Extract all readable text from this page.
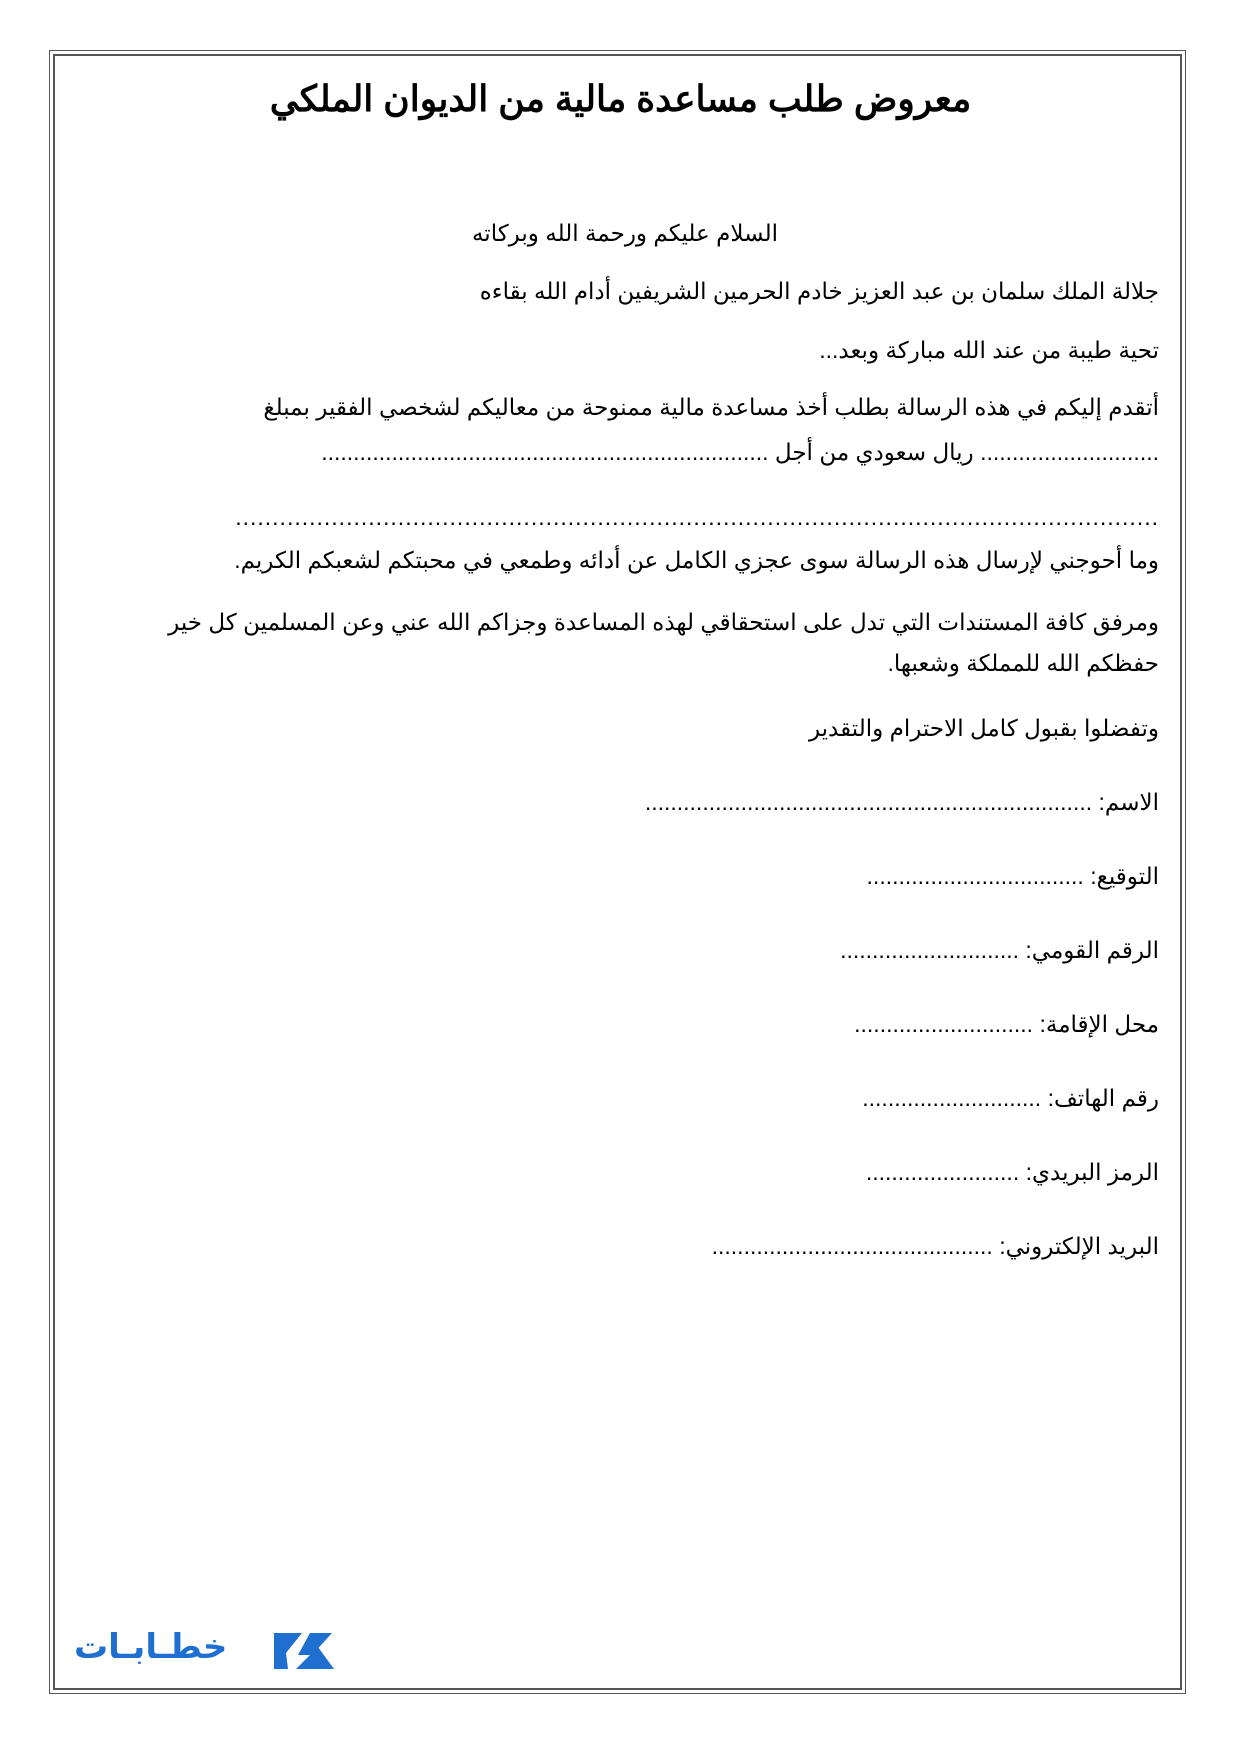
معروض طلب مساعدة مالية من الديوان الملكي
السلام عليكم ورحمة الله وبركاته
جلالة الملك سلمان بن عبد العزيز خادم الحرمين الشريفين أدام الله بقاءه
تحية طيبة من عند الله مباركة وبعد...
أتقدم إليكم في هذه الرسالة بطلب أخذ مساعدة مالية ممنوحة من معاليكم لشخصي الفقير بمبلغ
............................ ريال سعودي من أجل ......................................................................
.............................................................................................................................
وما أحوجني لإرسال هذه الرسالة سوى عجزي الكامل عن أدائه وطمعي في محبتكم لشعبكم الكريم.
ومرفق كافة المستندات التي تدل على استحقاقي لهذه المساعدة وجزاكم الله عني وعن المسلمين كل خير
حفظكم الله للمملكة وشعبها.
وتفضلوا بقبول كامل الاحترام والتقدير
الاسم: ......................................................................
التوقيع: ..................................
الرقم القومي: ............................
محل الإقامة: ............................
رقم الهاتف: ............................
الرمز البريدي: ........................
البريد الإلكتروني: ............................................
خطـابـات
